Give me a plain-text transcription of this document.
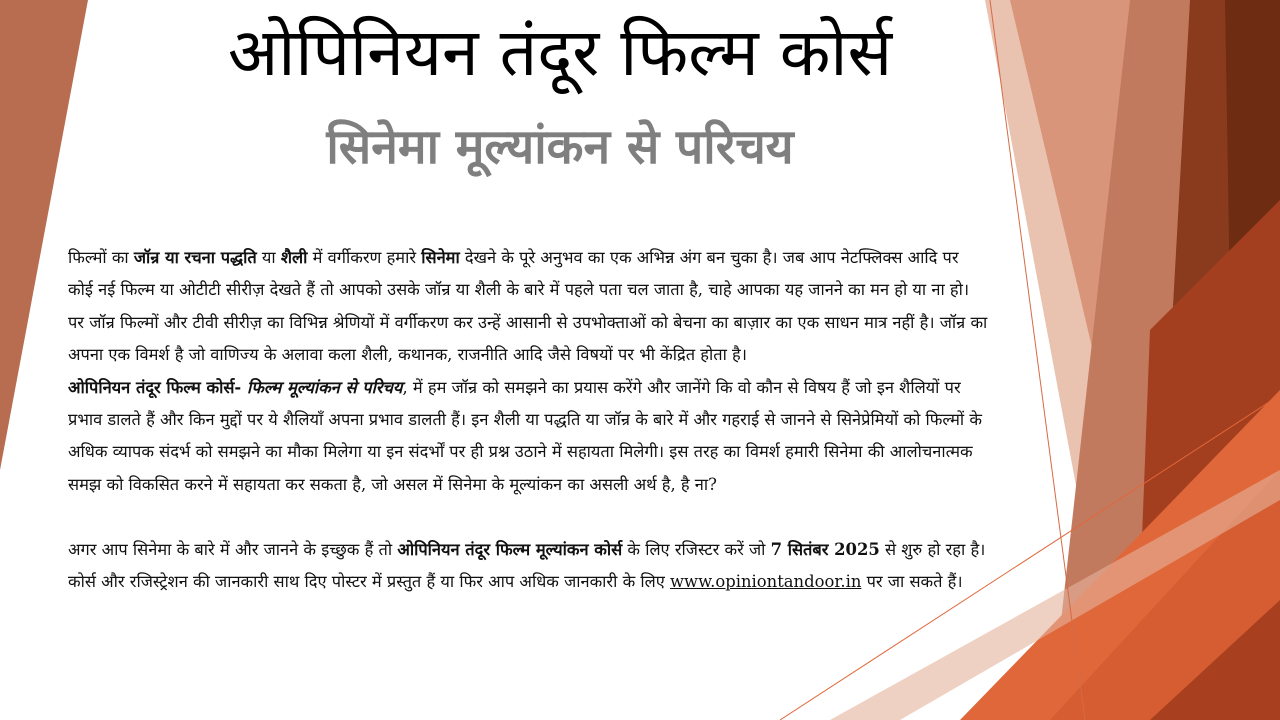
ओपिनियन तंदूर फिल्म कोर्स
सिनेमा मूल्यांकन से परिचय

फिल्मों का जॉन्र या रचना पद्धति या शैली में वर्गीकरण हमारे सिनेमा देखने के पूरे अनुभव का एक अभिन्न अंग बन चुका है। जब आप नेटफ्लिक्स आदि पर कोई नई फिल्म या ओटीटी सीरीज़ देखते हैं तो आपको उसके जॉन्र या शैली के बारे में पहले पता चल जाता है, चाहे आपका यह जानने का मन हो या ना हो। पर जॉन्र फिल्मों और टीवी सीरीज़ का विभिन्न श्रेणियों में वर्गीकरण कर उन्हें आसानी से उपभोक्ताओं को बेचना का बाज़ार का एक साधन मात्र नहीं है। जॉन्र का अपना एक विमर्श है जो वाणिज्य के अलावा कला शैली, कथानक, राजनीति आदि जैसे विषयों पर भी केंद्रित होता है।

ओपिनियन तंदूर फिल्म कोर्स- फिल्म मूल्यांकन से परिचय, में हम जॉन्र को समझने का प्रयास करेंगे और जानेंगे कि वो कौन से विषय हैं जो इन शैलियों पर प्रभाव डालते हैं और किन मुद्दों पर ये शैलियाँ अपना प्रभाव डालती हैं। इन शैली या पद्धति या जॉन्र के बारे में और गहराई से जानने से सिनेप्रेमियों को फिल्मों के अधिक व्यापक संदर्भ को समझने का मौका मिलेगा या इन संदर्भों पर ही प्रश्न उठाने में सहायता मिलेगी। इस तरह का विमर्श हमारी सिनेमा की आलोचनात्मक समझ को विकसित करने में सहायता कर सकता है, जो असल में सिनेमा के मूल्यांकन का असली अर्थ है, है ना?

अगर आप सिनेमा के बारे में और जानने के इच्छुक हैं तो ओपिनियन तंदूर फिल्म मूल्यांकन कोर्स के लिए रजिस्टर करें जो 7 सितंबर 2025 से शुरु हो रहा है। कोर्स और रजिस्ट्रेशन की जानकारी साथ दिए पोस्टर में प्रस्तुत हैं या फिर आप अधिक जानकारी के लिए www.opiniontandoor.in पर जा सकते हैं।
